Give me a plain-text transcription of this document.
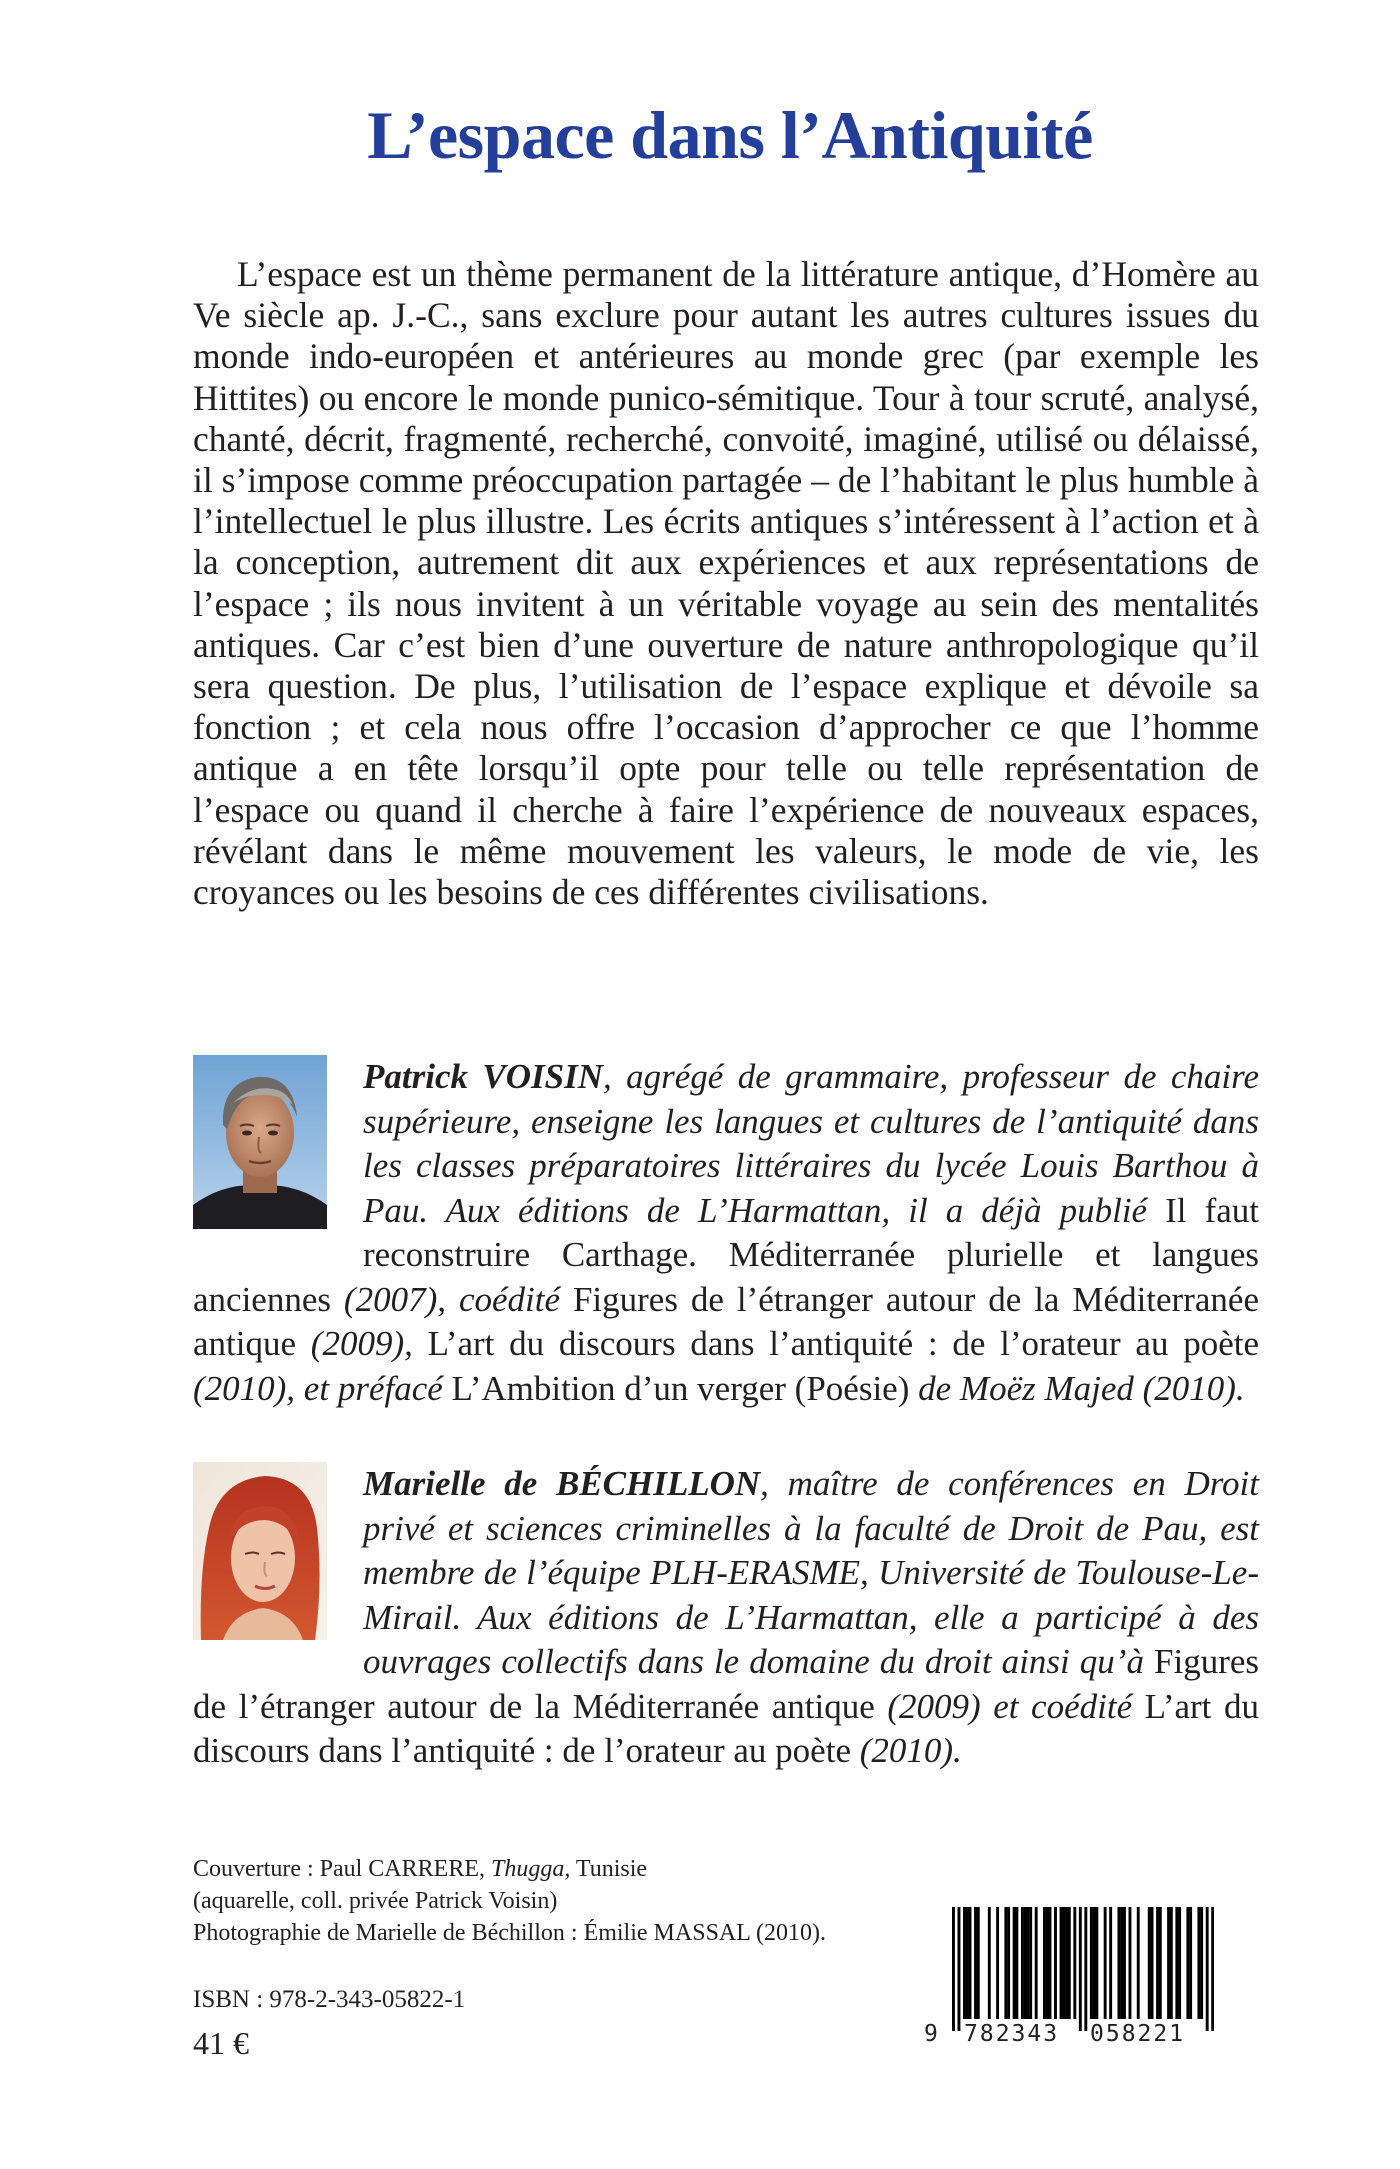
L’espace dans l’Antiquité

L’espace est un thème permanent de la littérature antique, d’Homère au Ve siècle ap. J.-C., sans exclure pour autant les autres cultures issues du monde indo-européen et antérieures au monde grec (par exemple les Hittites) ou encore le monde punico-sémitique. Tour à tour scruté, analysé, chanté, décrit, fragmenté, recherché, convoité, imaginé, utilisé ou délaissé, il s’impose comme préoccupation partagée – de l’habitant le plus humble à l’intellectuel le plus illustre. Les écrits antiques s’intéressent à l’action et à la conception, autrement dit aux expériences et aux représentations de l’espace ; ils nous invitent à un véritable voyage au sein des mentalités antiques. Car c’est bien d’une ouverture de nature anthropologique qu’il sera question. De plus, l’utilisation de l’espace explique et dévoile sa fonction ; et cela nous offre l’occasion d’approcher ce que l’homme antique a en tête lorsqu’il opte pour telle ou telle représentation de l’espace ou quand il cherche à faire l’expérience de nouveaux espaces, révélant dans le même mouvement les valeurs, le mode de vie, les croyances ou les besoins de ces différentes civilisations.

Patrick VOISIN, agrégé de grammaire, professeur de chaire supérieure, enseigne les langues et cultures de l’antiquité dans les classes préparatoires littéraires du lycée Louis Barthou à Pau. Aux éditions de L’Harmattan, il a déjà publié Il faut reconstruire Carthage. Méditerranée plurielle et langues anciennes (2007), coédité Figures de l’étranger autour de la Méditerranée antique (2009), L’art du discours dans l’antiquité : de l’orateur au poète (2010), et préfacé L’Ambition d’un verger (Poésie) de Moëz Majed (2010).

Marielle de BÉCHILLON, maître de conférences en Droit privé et sciences criminelles à la faculté de Droit de Pau, est membre de l’équipe PLH-ERASME, Université de Toulouse-Le-Mirail. Aux éditions de L’Harmattan, elle a participé à des ouvrages collectifs dans le domaine du droit ainsi qu’à Figures de l’étranger autour de la Méditerranée antique (2009) et coédité L’art du discours dans l’antiquité : de l’orateur au poète (2010).

Couverture : Paul CARRERE, Thugga, Tunisie

(aquarelle, coll. privée Patrick Voisin)

Photographie de Marielle de Béchillon : Émilie MASSAL (2010).

ISBN : 978-2-343-05822-1

41 €	9 782343 058221
